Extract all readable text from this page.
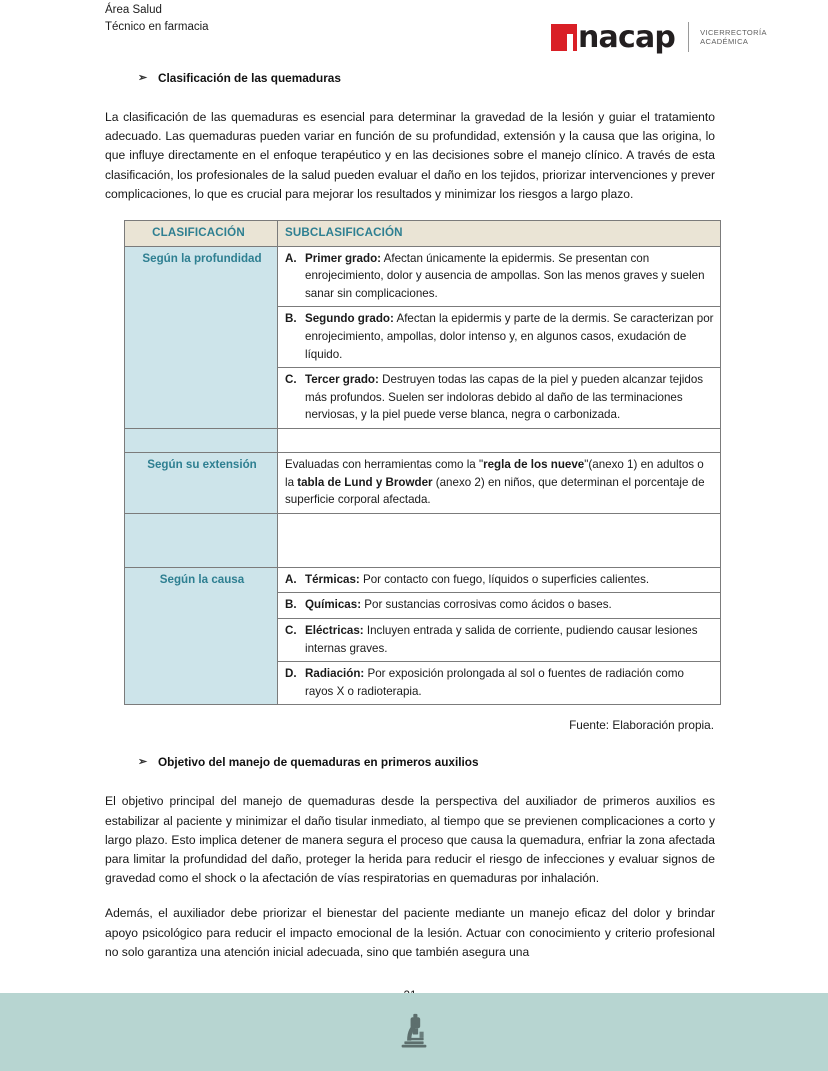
Área Salud
Técnico en farmacia	nacap	VICERRECTORÍA
ACADÉMICA
➢ Clasificación de las quemaduras

La clasificación de las quemaduras es esencial para determinar la gravedad de la lesión y guiar el tratamiento adecuado. Las quemaduras pueden variar en función de su profundidad, extensión y la causa que las origina, lo que influye directamente en el enfoque terapéutico y en las decisiones sobre el manejo clínico. A través de esta clasificación, los profesionales de la salud pueden evaluar el daño en los tejidos, priorizar intervenciones y prever complicaciones, lo que es crucial para mejorar los resultados y minimizar los riesgos a largo plazo.

CLASIFICACIÓN	SUBCLASIFICACIÓN
Según la profundidad	A. Primer grado: Afectan únicamente la epidermis. Se presentan con enrojecimiento, dolor y ausencia de ampollas. Son las menos graves y suelen sanar sin complicaciones.

	B. Segundo grado: Afectan la epidermis y parte de la dermis. Se caracterizan por enrojecimiento, ampollas, dolor intenso y, en algunos casos, exudación de líquido.

	C. Tercer grado: Destruyen todas las capas de la piel y pueden alcanzar tejidos más profundos. Suelen ser indoloras debido al daño de las terminaciones nerviosas, y la piel puede verse blanca, negra o carbonizada.

Según su extensión	Evaluadas con herramientas como la "regla de los nueve"(anexo 1) en adultos o la tabla de Lund y Browder (anexo 2) en niños, que determinan el porcentaje de superficie corporal afectada.

Según la causa	A. Térmicas: Por contacto con fuego, líquidos o superficies calientes.

	B. Químicas: Por sustancias corrosivas como ácidos o bases.

	C. Eléctricas: Incluyen entrada y salida de corriente, pudiendo causar lesiones internas graves.

	D. Radiación: Por exposición prolongada al sol o fuentes de radiación como rayos X o radioterapia.

Fuente: Elaboración propia.

➢ Objetivo del manejo de quemaduras en primeros auxilios

El objetivo principal del manejo de quemaduras desde la perspectiva del auxiliador de primeros auxilios es estabilizar al paciente y minimizar el daño tisular inmediato, al tiempo que se previenen complicaciones a corto y largo plazo. Esto implica detener de manera segura el proceso que causa la quemadura, enfriar la zona afectada para limitar la profundidad del daño, proteger la herida para reducir el riesgo de infecciones y evaluar signos de gravedad como el shock o la afectación de vías respiratorias en quemaduras por inhalación.

Además, el auxiliador debe priorizar el bienestar del paciente mediante un manejo eficaz del dolor y brindar apoyo psicológico para reducir el impacto emocional de la lesión. Actuar con conocimiento y criterio profesional no solo garantiza una atención inicial adecuada, sino que también asegura una
